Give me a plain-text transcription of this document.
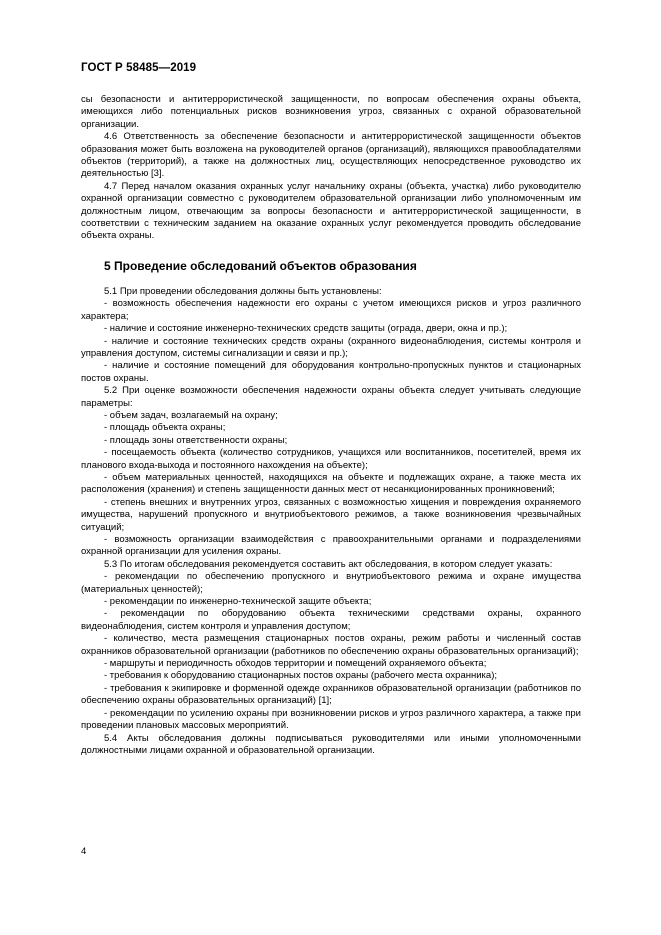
ГОСТ Р 58485—2019

сы безопасности и антитеррористической защищенности, по вопросам обеспечения охраны объекта, имеющихся либо потенциальных рисков возникновения угроз, связанных с охраной образовательной организации.

4.6 Ответственность за обеспечение безопасности и антитеррористической защищенности объектов образования может быть возложена на руководителей органов (организаций), являющихся правообладателями объектов (территорий), а также на должностных лиц, осуществляющих непосредственное руководство их деятельностью [3].

4.7 Перед началом оказания охранных услуг начальнику охраны (объекта, участка) либо руководителю охранной организации совместно с руководителем образовательной организации либо уполномоченным им должностным лицом, отвечающим за вопросы безопасности и антитеррористической защищенности, в соответствии с техническим заданием на оказание охранных услуг рекомендуется проводить обследование объекта охраны.

5 Проведение обследований объектов образования

5.1 При проведении обследования должны быть установлены:

- возможность обеспечения надежности его охраны с учетом имеющихся рисков и угроз различного характера;

- наличие и состояние инженерно-технических средств защиты (ограда, двери, окна и пр.);

- наличие и состояние технических средств охраны (охранного видеонаблюдения, системы контроля и управления доступом, системы сигнализации и связи и пр.);

- наличие и состояние помещений для оборудования контрольно-пропускных пунктов и стационарных постов охраны.

5.2 При оценке возможности обеспечения надежности охраны объекта следует учитывать следующие параметры:

- объем задач, возлагаемый на охрану;

- площадь объекта охраны;

- площадь зоны ответственности охраны;

- посещаемость объекта (количество сотрудников, учащихся или воспитанников, посетителей, время их планового входа-выхода и постоянного нахождения на объекте);

- объем материальных ценностей, находящихся на объекте и подлежащих охране, а также места их расположения (хранения) и степень защищенности данных мест от несанкционированных проникновений;

- степень внешних и внутренних угроз, связанных с возможностью хищения и повреждения охраняемого имущества, нарушений пропускного и внутриобъектового режимов, а также возникновения чрезвычайных ситуаций;

- возможность организации взаимодействия с правоохранительными органами и подразделениями охранной организации для усиления охраны.

5.3 По итогам обследования рекомендуется составить акт обследования, в котором следует указать:

- рекомендации по обеспечению пропускного и внутриобъектового режима и охране имущества (материальных ценностей);

- рекомендации по инженерно-технической защите объекта;

- рекомендации по оборудованию объекта техническими средствами охраны, охранного видеонаблюдения, систем контроля и управления доступом;

- количество, места размещения стационарных постов охраны, режим работы и численный состав охранников образовательной организации (работников по обеспечению охраны образовательных организаций);

- маршруты и периодичность обходов территории и помещений охраняемого объекта;

- требования к оборудованию стационарных постов охраны (рабочего места охранника);

- требования к экипировке и форменной одежде охранников образовательной организации (работников по обеспечению охраны образовательных организаций) [1];

- рекомендации по усилению охраны при возникновении рисков и угроз различного характера, а также при проведении плановых массовых мероприятий.

5.4 Акты обследования должны подписываться руководителями или иными уполномоченными должностными лицами охранной и образовательной организации.

4
